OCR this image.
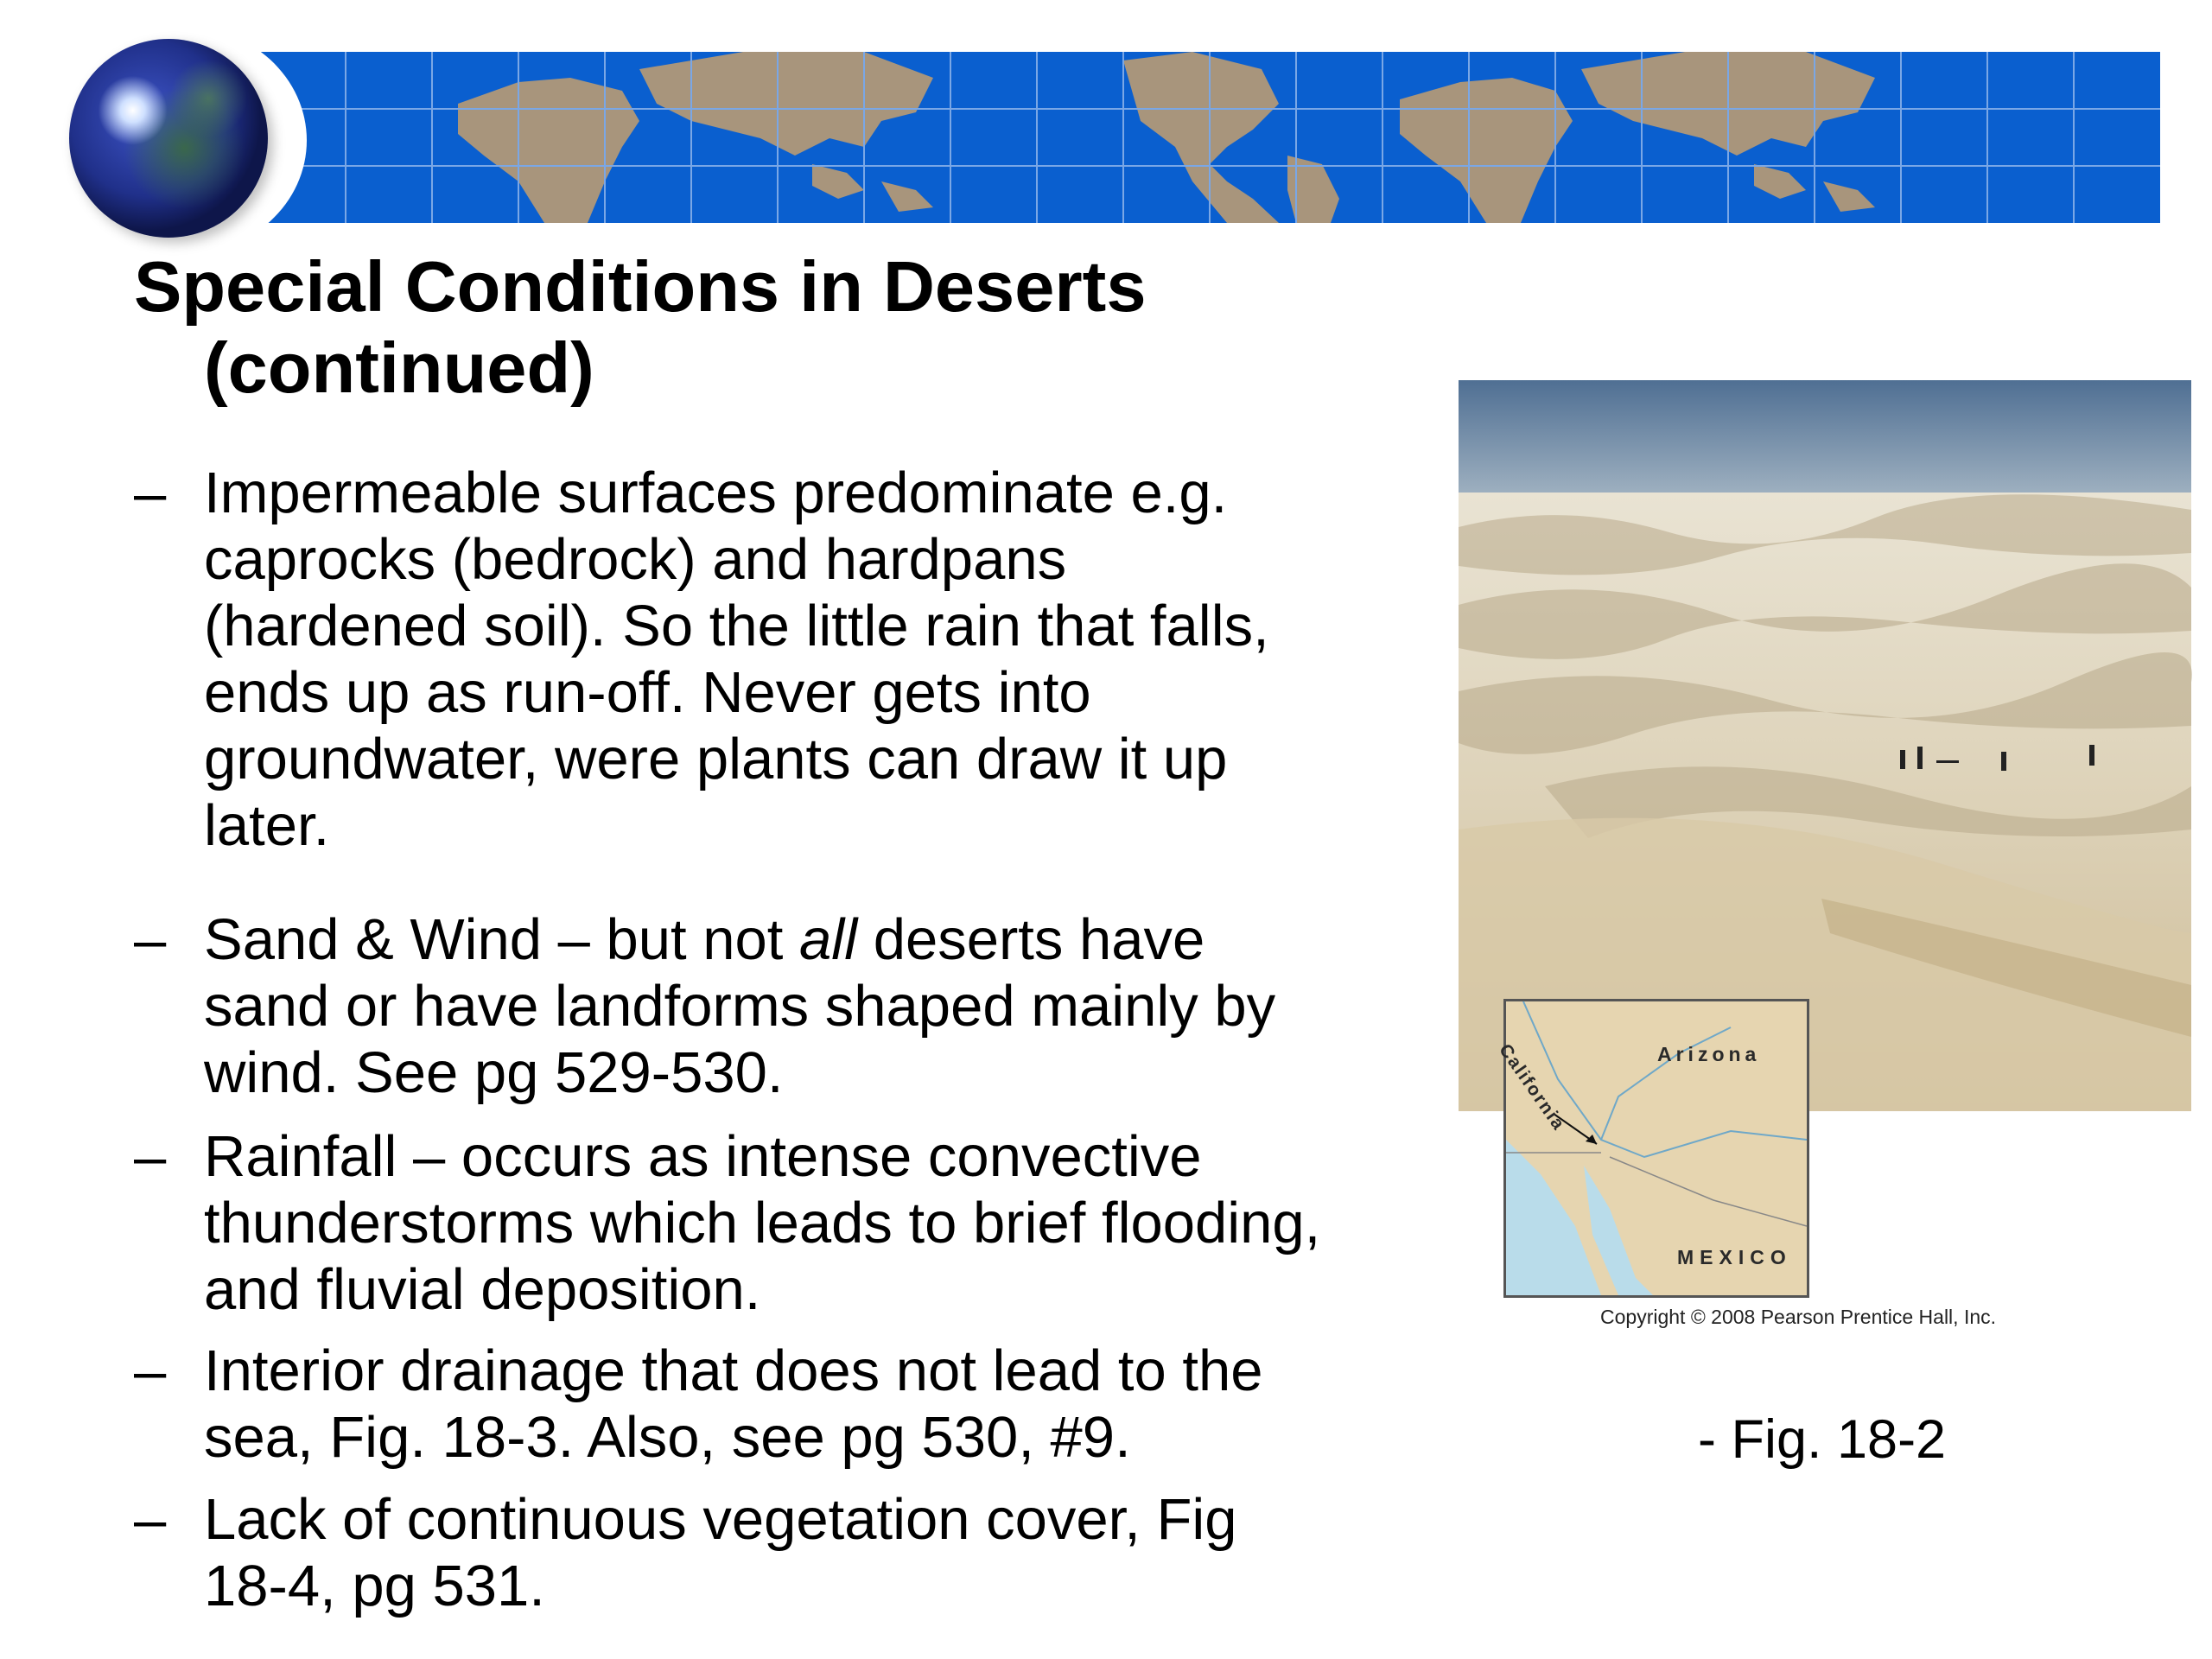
Special Conditions in Deserts
(continued)
– Impermeable surfaces predominate e.g.
caprocks (bedrock) and hardpans
(hardened soil). So the little rain that falls,
ends up as run-off. Never gets into
groundwater, were plants can draw it up
later.
– Sand & Wind – but not all deserts have
sand or have landforms shaped mainly by
wind. See pg 529-530.
– Rainfall – occurs as intense convective
thunderstorms which leads to brief flooding,
and fluvial deposition.
– Interior drainage that does not lead to the
sea, Fig. 18-3. Also, see pg 530, #9.
– Lack of continuous vegetation cover, Fig
18-4, pg 531.
California	Arizona
MEXICO
Copyright © 2008 Pearson Prentice Hall, Inc.
- Fig. 18-2
